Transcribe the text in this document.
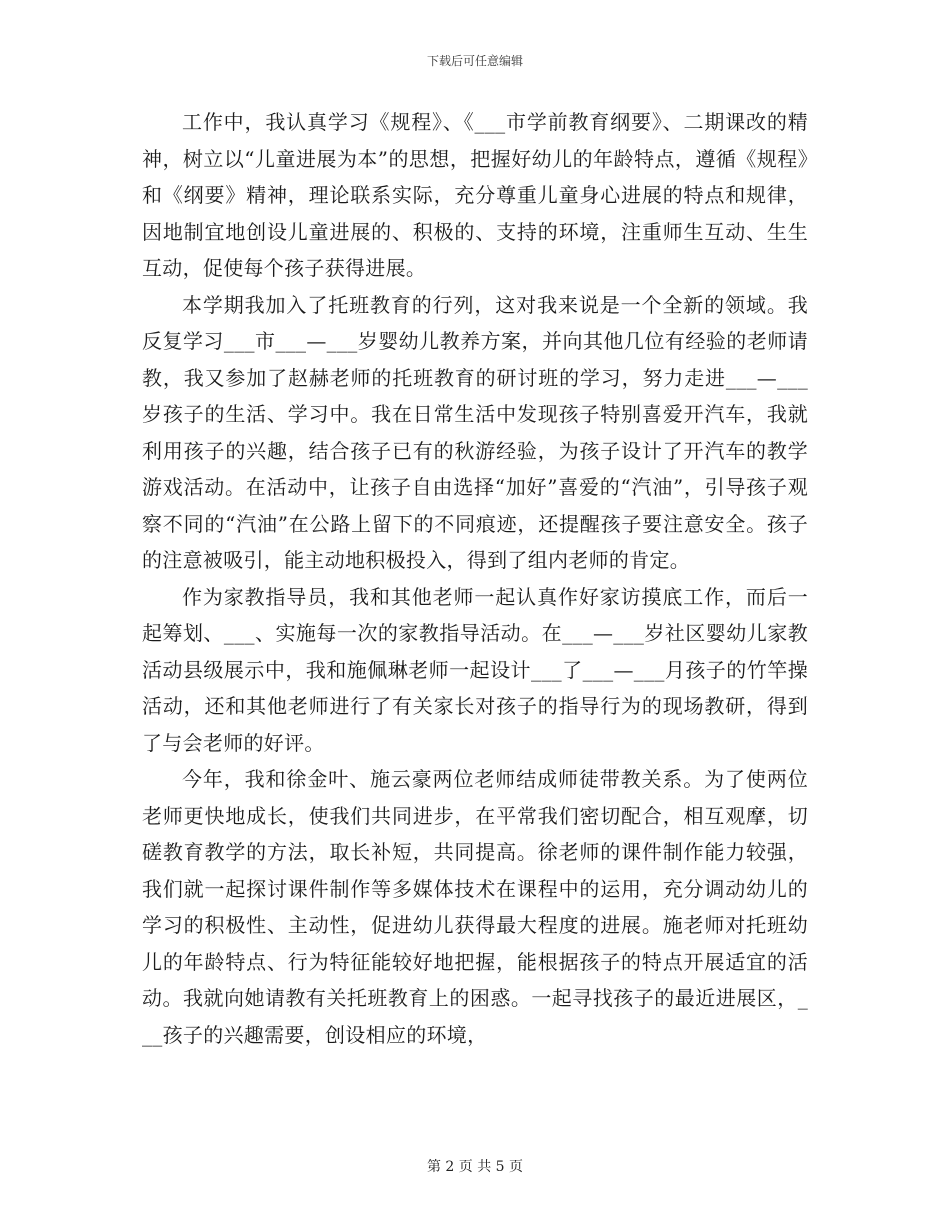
下载后可任意编辑

工作中，我认真学习《规程》、《___市学前教育纲要》、二期课改的精神，树立以“儿童进展为本”的思想，把握好幼儿的年龄特点，遵循《规程》和《纲要》精神，理论联系实际，充分尊重儿童身心进展的特点和规律，因地制宜地创设儿童进展的、积极的、支持的环境，注重师生互动、生生互动，促使每个孩子获得进展。

本学期我加入了托班教育的行列，这对我来说是一个全新的领域。我反复学习___市___—___岁婴幼儿教养方案，并向其他几位有经验的老师请教，我又参加了赵赫老师的托班教育的研讨班的学习，努力走进___—___岁孩子的生活、学习中。我在日常生活中发现孩子特别喜爱开汽车，我就利用孩子的兴趣，结合孩子已有的秋游经验，为孩子设计了开汽车的教学游戏活动。在活动中，让孩子自由选择“加好”喜爱的“汽油”，引导孩子观察不同的“汽油”在公路上留下的不同痕迹，还提醒孩子要注意安全。孩子的注意被吸引，能主动地积极投入，得到了组内老师的肯定。

作为家教指导员，我和其他老师一起认真作好家访摸底工作，而后一起筹划、___、实施每一次的家教指导活动。在___—___岁社区婴幼儿家教活动县级展示中，我和施佩琳老师一起设计___了___—___月孩子的竹竿操活动，还和其他老师进行了有关家长对孩子的指导行为的现场教研，得到了与会老师的好评。

今年，我和徐金叶、施云豪两位老师结成师徒带教关系。为了使两位老师更快地成长，使我们共同进步，在平常我们密切配合，相互观摩，切磋教育教学的方法，取长补短，共同提高。徐老师的课件制作能力较强，我们就一起探讨课件制作等多媒体技术在课程中的运用，充分调动幼儿的学习的积极性、主动性，促进幼儿获得最大程度的进展。施老师对托班幼儿的年龄特点、行为特征能较好地把握，能根据孩子的特点开展适宜的活动。我就向她请教有关托班教育上的困惑。一起寻找孩子的最近进展区，___孩子的兴趣需要，创设相应的环境，

第 2 页 共 5 页
